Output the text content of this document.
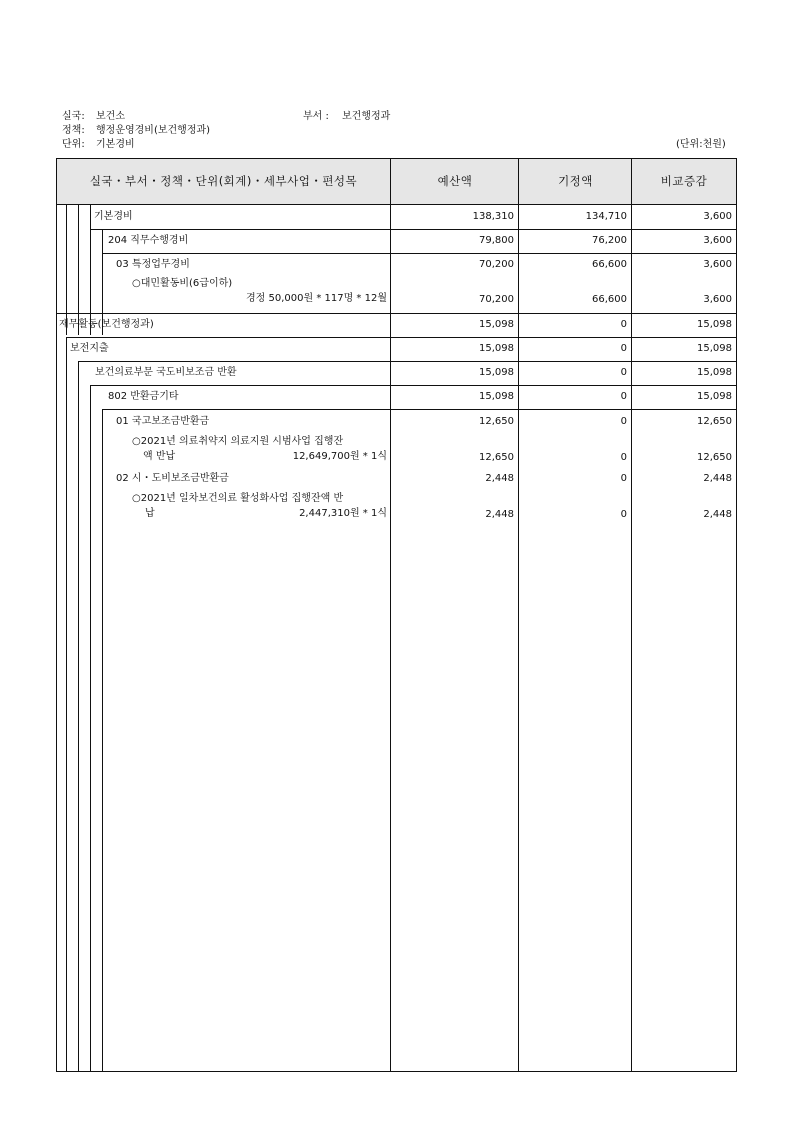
실국: 보건소	부서 : 보건행정과
정책: 행정운영경비(보건행정과)
단위: 기본경비	(단위:천원)
실국・부서・정책・단위(회계)・세부사업・편성목	예산액	기정액	비교증감
기본경비	138,310	134,710	3,600
204 직무수행경비	79,800	76,200	3,600
03 특정업무경비	70,200	66,600	3,600
○대민활동비(6급이하)
경정 50,000원 * 117명 * 12월	70,200	66,600	3,600
재무활동(보건행정과)	15,098	0	15,098
보전지출	15,098	0	15,098
보건의료부문 국도비보조금 반환	15,098	0	15,098
802 반환금기타	15,098	0	15,098
01 국고보조금반환금	12,650	0	12,650
○2021년 의료취약지 의료지원 시범사업 집행잔
액 반납	12,649,700원 * 1식	12,650	0	12,650
02 시・도비보조금반환금	2,448	0	2,448
○2021년 일차보건의료 활성화사업 집행잔액 반
납	2,447,310원 * 1식	2,448	0	2,448
